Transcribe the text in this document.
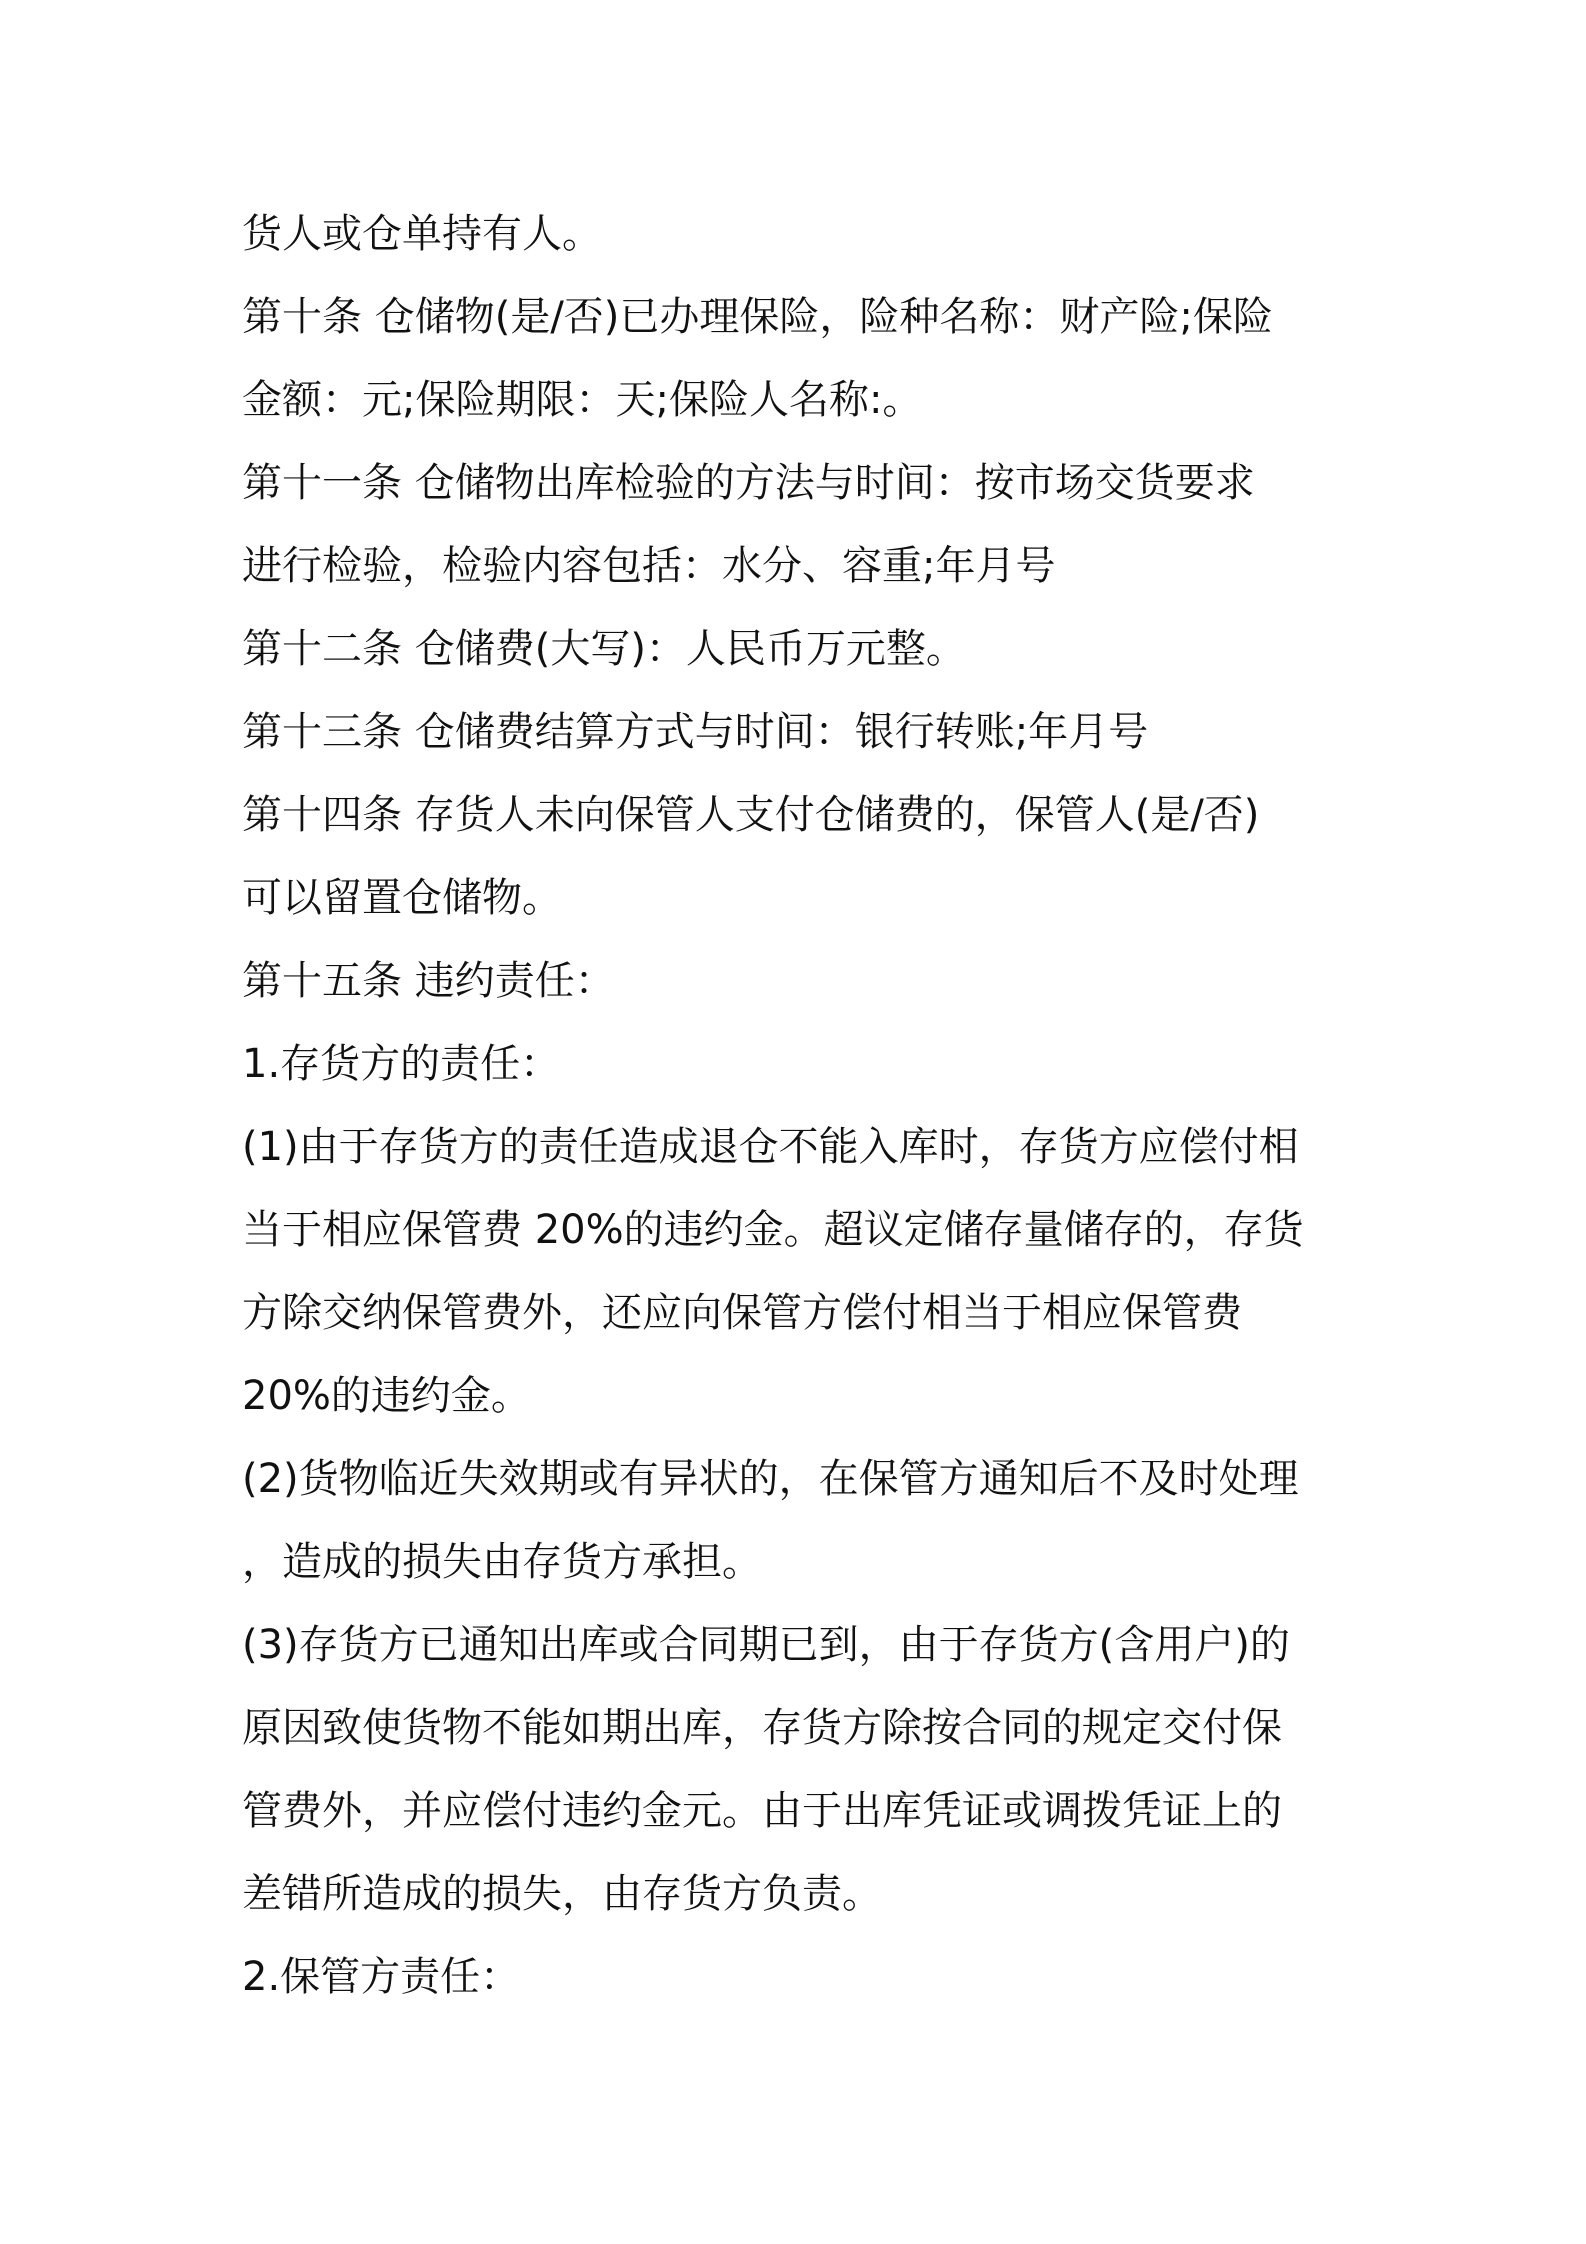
货人或仓单持有人。
第十条 仓储物(是/否)已办理保险，险种名称：财产险;保险
金额：元;保险期限：天;保险人名称:。
第十一条 仓储物出库检验的方法与时间：按市场交货要求
进行检验，检验内容包括：水分、容重;年月号
第十二条 仓储费(大写)：人民币万元整。
第十三条 仓储费结算方式与时间：银行转账;年月号
第十四条 存货人未向保管人支付仓储费的，保管人(是/否)
可以留置仓储物。
第十五条 违约责任：
1.存货方的责任：
(1)由于存货方的责任造成退仓不能入库时，存货方应偿付相
当于相应保管费 20%的违约金。超议定储存量储存的，存货
方除交纳保管费外，还应向保管方偿付相当于相应保管费
20%的违约金。
(2)货物临近失效期或有异状的，在保管方通知后不及时处理
，造成的损失由存货方承担。
(3)存货方已通知出库或合同期已到，由于存货方(含用户)的
原因致使货物不能如期出库，存货方除按合同的规定交付保
管费外，并应偿付违约金元。由于出库凭证或调拨凭证上的
差错所造成的损失，由存货方负责。
2.保管方责任：
